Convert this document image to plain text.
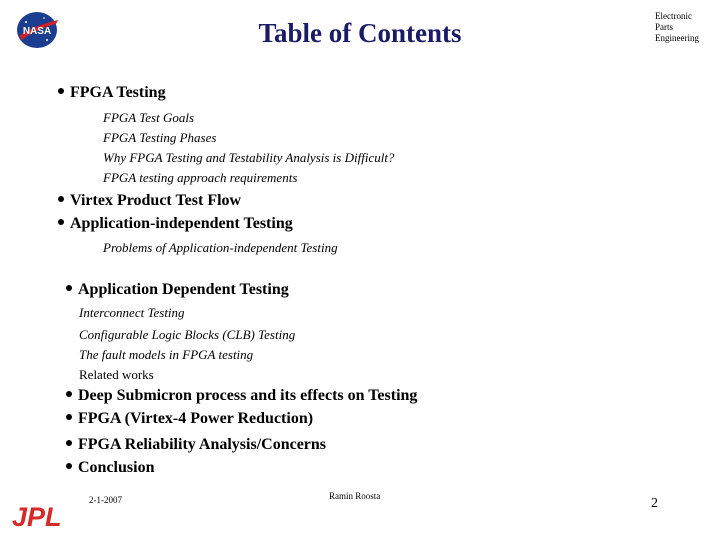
NASA	Table of Contents
Electronic
Parts
Engineering
FPGA Testing
FPGA Test Goals
FPGA Testing Phases
Why FPGA Testing and Testability Analysis is Difficult?
FPGA testing approach requirements
Virtex Product Test Flow
Application-independent Testing
Problems of Application-independent Testing
Application Dependent Testing
Interconnect Testing
Configurable Logic Blocks (CLB) Testing
The fault models in FPGA testing
Related works
Deep Submicron process and its effects on Testing
FPGA (Virtex-4 Power Reduction)
FPGA Reliability Analysis/Concerns
Conclusion
2-1-2007	Ramin Roosta	2
JPL
